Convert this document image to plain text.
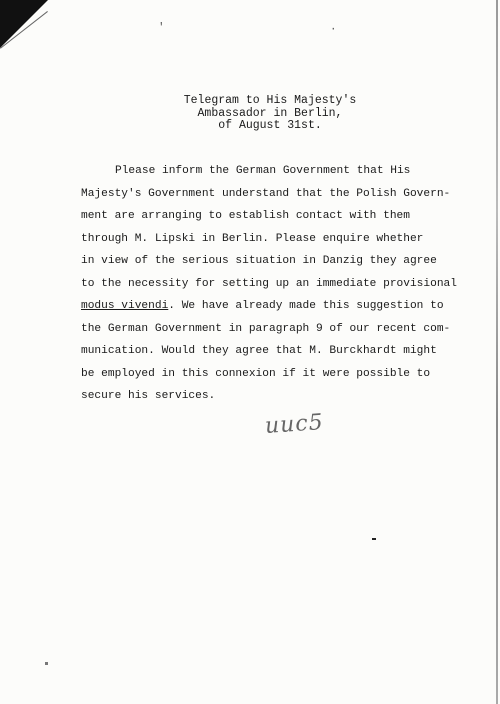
ʹ	·
Telegram to His Majesty's
Ambassador in Berlin,
of August 31st.
Please inform the German Government that His
Majesty's Government understand that the Polish Govern-
ment are arranging to establish contact with them
through M. Lipski in Berlin. Please enquire whether
in view of the serious situation in Danzig they agree
to the necessity for setting up an immediate provisional
modus vivendi. We have already made this suggestion to
the German Government in paragraph 9 of our recent com-
munication. Would they agree that M. Burckhardt might
be employed in this connexion if it were possible to
secure his services.
uuc5
